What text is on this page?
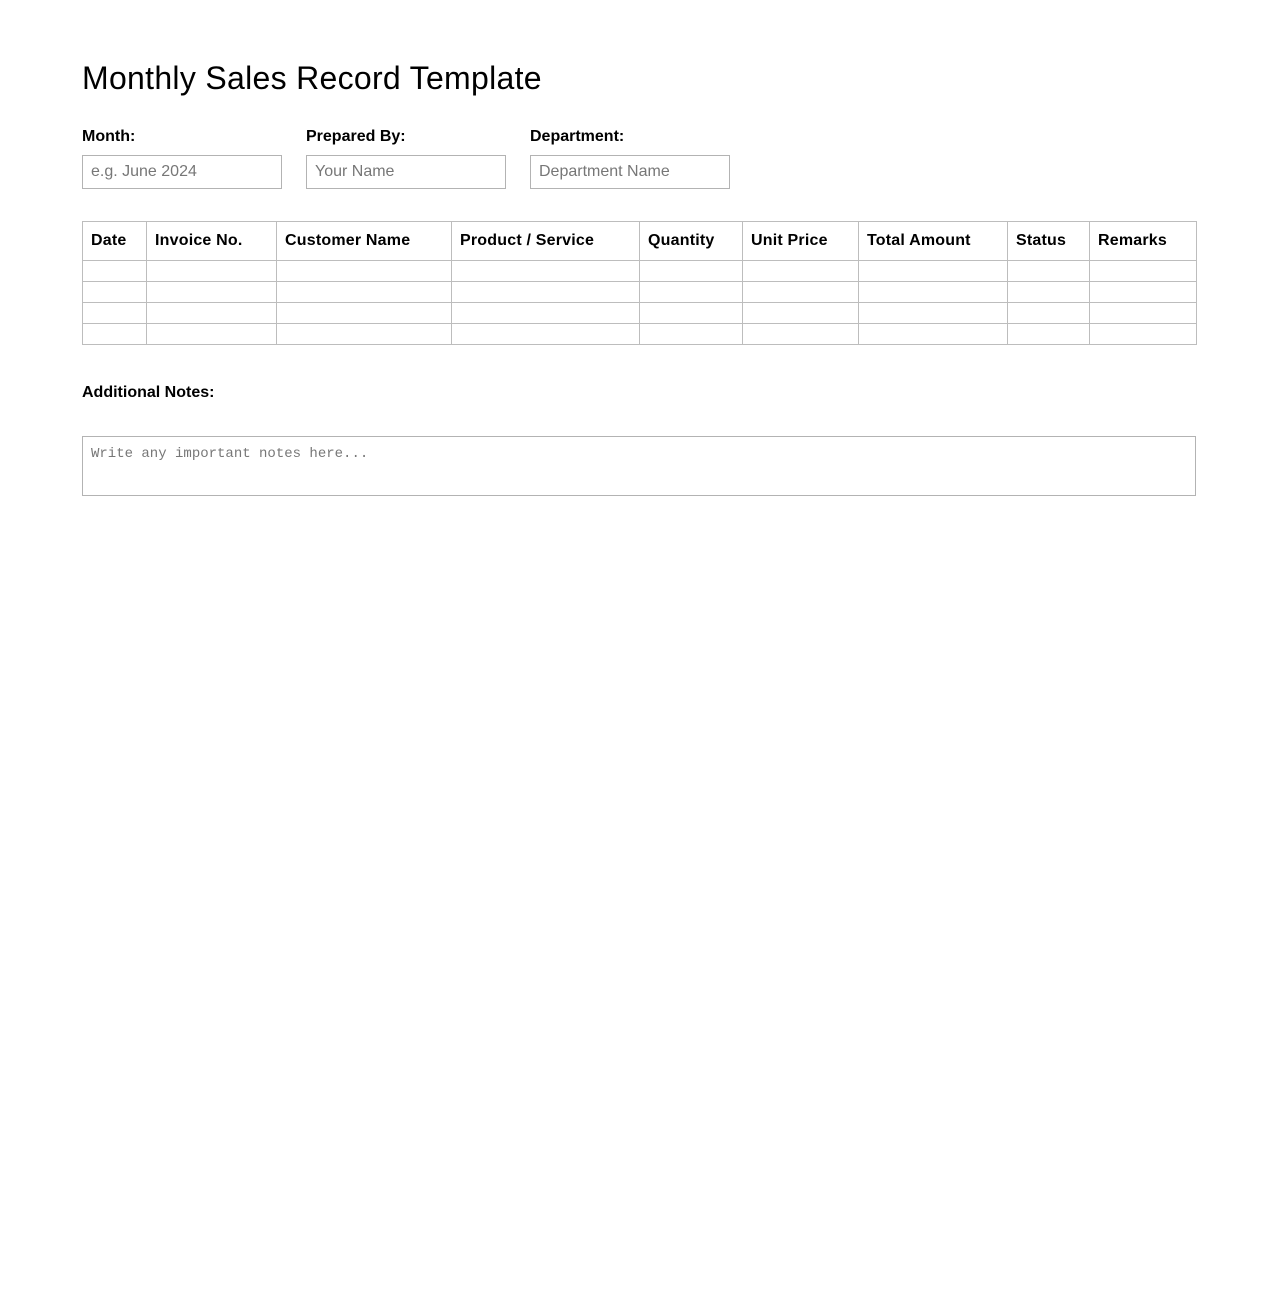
Monthly Sales Record Template
Month:
e.g. June 2024	Prepared By:
Your Name	Department:
Department Name
Date	Invoice No.	Customer Name	Product / Service	Quantity	Unit Price	Total Amount	Status	Remarks

Additional Notes:
Write any important notes here...
